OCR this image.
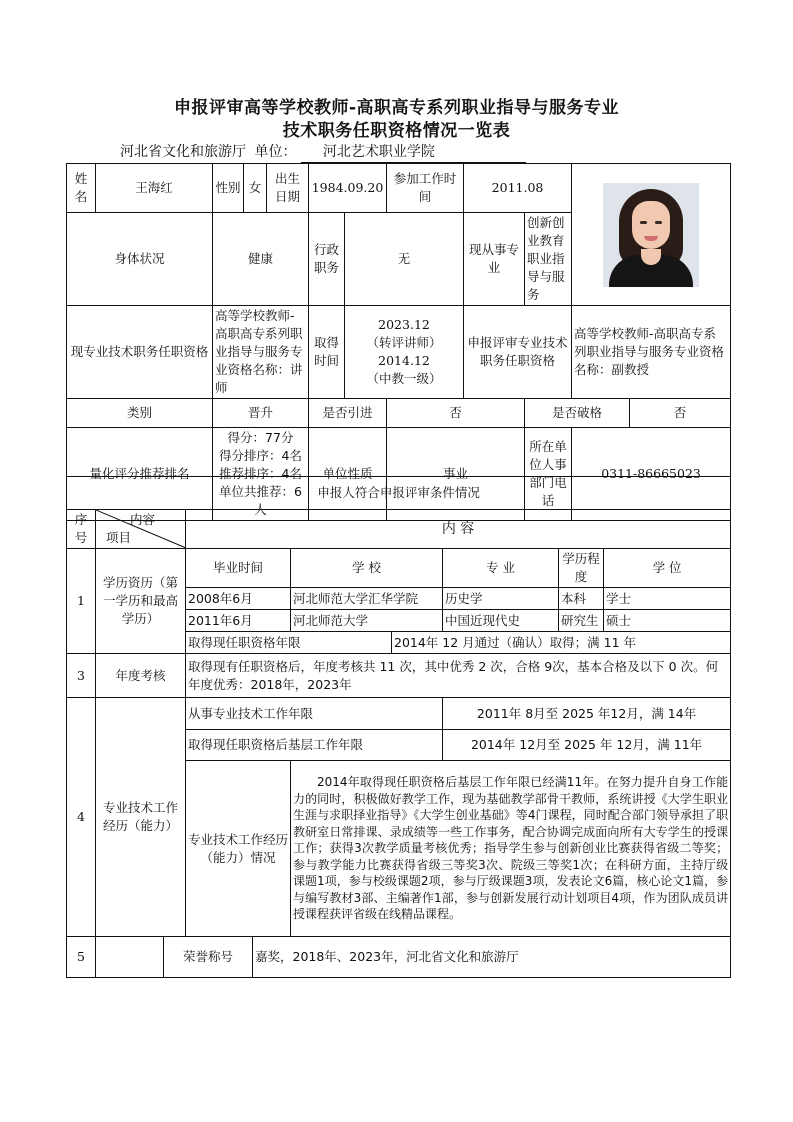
申报评审高等学校教师-高职高专系列职业指导与服务专业
技术职务任职资格情况一览表
河北省文化和旅游厅 单位： 河北艺术职业学院
姓名	王海红	性别	女	出生日期	1984.09.20		参加工作时间	2011.08			

身体状况		健康			行政职务	无		现从事专业	创新创业教育职业指导与服务		
现专业技术职务任职资格		高等学校教师-高职高专系列职业指导与服务专业资格名称：讲师			取得时间	2023.12
（转评讲师）
2014.12
（中教一级）		申报评审专业技术职务任职资格		高等学校教师-高职高专系列职业指导与服务专业资格名称：副教授	
类别		晋升			是否引进		否		是否破格		否
量化评分推荐排名		得分：77分
得分排序：4名
推荐排序：4名
单位共推荐：6人			单位性质		事业		所在单位人事部门电话	0311-86665023	
申报人符合申报评审条件情况									
序号	内容
项目		内 容						
1	学历资历（第一学历和最高学历）		毕业时间		学 校		专 业	学历程度	学 位
			2008年6月		河北师范大学汇华学院		历史学	本科	学士
			2011年6月		河北师范大学		中国近现代史	研究生	硕士
			取得现任职资格年限			2014年 12 月通过（确认）取得；满 11 年			
3	年度考核		取得现有任职资格后，年度考核共 11 次，其中优秀 2 次，合格 9次，基本合格及以下 0 次。何年度优秀：2018年，2023年						
4	专业技术工作经历（能力）		从事专业技术工作年限				2011年 8月至 2025 年12月，满 14年		
			取得现任职资格后基层工作年限				2014年 12月至 2025 年 12月，满 11年		
			专业技术工作经历（能力）情况		2014年取得现任职资格后基层工作年限已经满11年。在努力提升自身工作能力的同时，积极做好教学工作，现为基础教学部骨干教师，系统讲授《大学生职业生涯与求职择业指导》《大学生创业基础》等4门课程，同时配合部门领导承担了职教研室日常排课、录成绩等一些工作事务，配合协调完成面向所有大专学生的授课工作；获得3次教学质量考核优秀；指导学生参与创新创业比赛获得省级二等奖；参与教学能力比赛获得省级三等奖3次、院级三等奖1次；在科研方面，主持厅级课题1项，参与校级课题2项，参与厅级课题3项，发表论文6篇，核心论文1篇，参与编写教材3部、主编著作1部，参与创新发展行动计划项目4项，作为团队成员讲授课程获评省级在线精品课程。				
5		荣誉称号		嘉奖，2018年、2023年，河北省文化和旅游厅					
